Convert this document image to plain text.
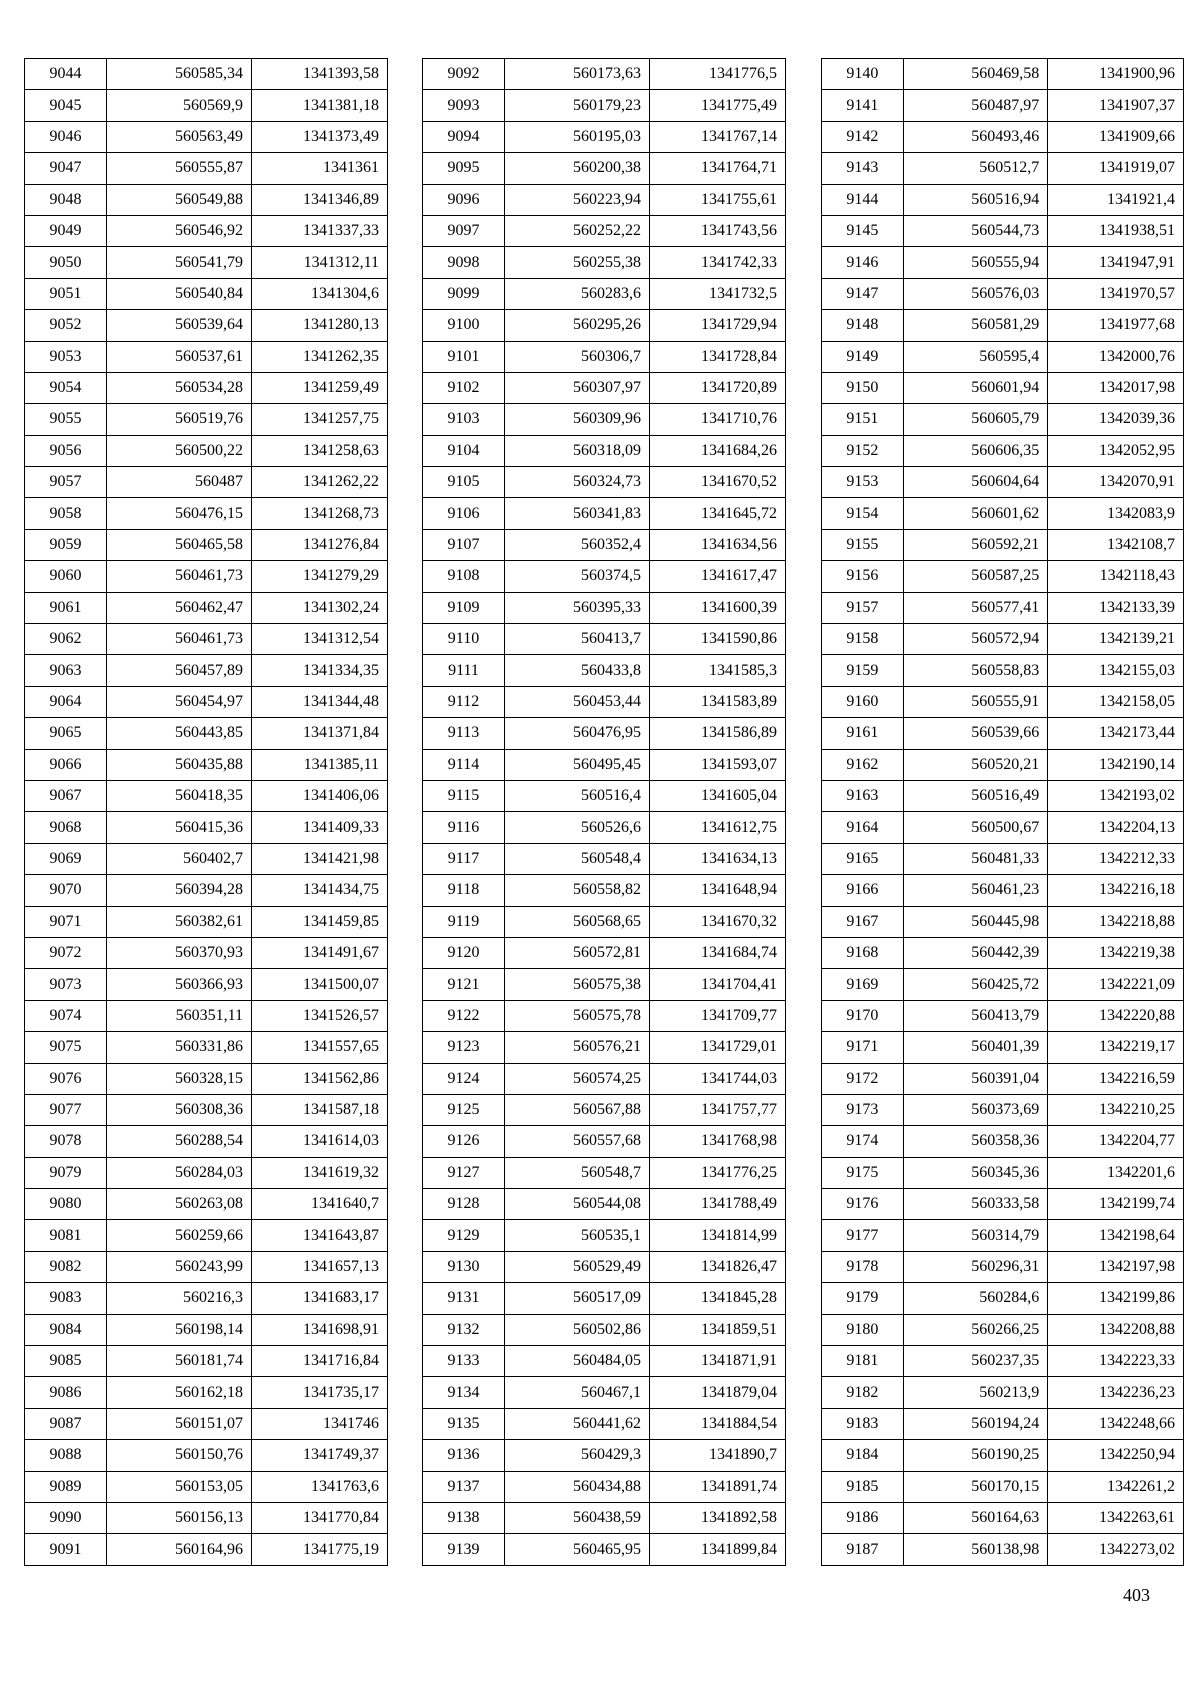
9044	560585,34	1341393,58
9045	560569,9	1341381,18
9046	560563,49	1341373,49
9047	560555,87	1341361
9048	560549,88	1341346,89
9049	560546,92	1341337,33
9050	560541,79	1341312,11
9051	560540,84	1341304,6
9052	560539,64	1341280,13
9053	560537,61	1341262,35
9054	560534,28	1341259,49
9055	560519,76	1341257,75
9056	560500,22	1341258,63
9057	560487	1341262,22
9058	560476,15	1341268,73
9059	560465,58	1341276,84
9060	560461,73	1341279,29
9061	560462,47	1341302,24
9062	560461,73	1341312,54
9063	560457,89	1341334,35
9064	560454,97	1341344,48
9065	560443,85	1341371,84
9066	560435,88	1341385,11
9067	560418,35	1341406,06
9068	560415,36	1341409,33
9069	560402,7	1341421,98
9070	560394,28	1341434,75
9071	560382,61	1341459,85
9072	560370,93	1341491,67
9073	560366,93	1341500,07
9074	560351,11	1341526,57
9075	560331,86	1341557,65
9076	560328,15	1341562,86
9077	560308,36	1341587,18
9078	560288,54	1341614,03
9079	560284,03	1341619,32
9080	560263,08	1341640,7
9081	560259,66	1341643,87
9082	560243,99	1341657,13
9083	560216,3	1341683,17
9084	560198,14	1341698,91
9085	560181,74	1341716,84
9086	560162,18	1341735,17
9087	560151,07	1341746
9088	560150,76	1341749,37
9089	560153,05	1341763,6
9090	560156,13	1341770,84
9091	560164,96	1341775,19
9092	560173,63	1341776,5
9093	560179,23	1341775,49
9094	560195,03	1341767,14
9095	560200,38	1341764,71
9096	560223,94	1341755,61
9097	560252,22	1341743,56
9098	560255,38	1341742,33
9099	560283,6	1341732,5
9100	560295,26	1341729,94
9101	560306,7	1341728,84
9102	560307,97	1341720,89
9103	560309,96	1341710,76
9104	560318,09	1341684,26
9105	560324,73	1341670,52
9106	560341,83	1341645,72
9107	560352,4	1341634,56
9108	560374,5	1341617,47
9109	560395,33	1341600,39
9110	560413,7	1341590,86
9111	560433,8	1341585,3
9112	560453,44	1341583,89
9113	560476,95	1341586,89
9114	560495,45	1341593,07
9115	560516,4	1341605,04
9116	560526,6	1341612,75
9117	560548,4	1341634,13
9118	560558,82	1341648,94
9119	560568,65	1341670,32
9120	560572,81	1341684,74
9121	560575,38	1341704,41
9122	560575,78	1341709,77
9123	560576,21	1341729,01
9124	560574,25	1341744,03
9125	560567,88	1341757,77
9126	560557,68	1341768,98
9127	560548,7	1341776,25
9128	560544,08	1341788,49
9129	560535,1	1341814,99
9130	560529,49	1341826,47
9131	560517,09	1341845,28
9132	560502,86	1341859,51
9133	560484,05	1341871,91
9134	560467,1	1341879,04
9135	560441,62	1341884,54
9136	560429,3	1341890,7
9137	560434,88	1341891,74
9138	560438,59	1341892,58
9139	560465,95	1341899,84
9140	560469,58	1341900,96
9141	560487,97	1341907,37
9142	560493,46	1341909,66
9143	560512,7	1341919,07
9144	560516,94	1341921,4
9145	560544,73	1341938,51
9146	560555,94	1341947,91
9147	560576,03	1341970,57
9148	560581,29	1341977,68
9149	560595,4	1342000,76
9150	560601,94	1342017,98
9151	560605,79	1342039,36
9152	560606,35	1342052,95
9153	560604,64	1342070,91
9154	560601,62	1342083,9
9155	560592,21	1342108,7
9156	560587,25	1342118,43
9157	560577,41	1342133,39
9158	560572,94	1342139,21
9159	560558,83	1342155,03
9160	560555,91	1342158,05
9161	560539,66	1342173,44
9162	560520,21	1342190,14
9163	560516,49	1342193,02
9164	560500,67	1342204,13
9165	560481,33	1342212,33
9166	560461,23	1342216,18
9167	560445,98	1342218,88
9168	560442,39	1342219,38
9169	560425,72	1342221,09
9170	560413,79	1342220,88
9171	560401,39	1342219,17
9172	560391,04	1342216,59
9173	560373,69	1342210,25
9174	560358,36	1342204,77
9175	560345,36	1342201,6
9176	560333,58	1342199,74
9177	560314,79	1342198,64
9178	560296,31	1342197,98
9179	560284,6	1342199,86
9180	560266,25	1342208,88
9181	560237,35	1342223,33
9182	560213,9	1342236,23
9183	560194,24	1342248,66
9184	560190,25	1342250,94
9185	560170,15	1342261,2
9186	560164,63	1342263,61
9187	560138,98	1342273,02
403
